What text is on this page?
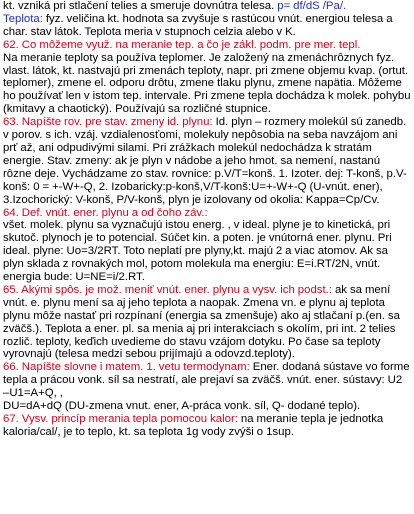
kt. vzniká pri stlačení telies a smeruje dovnútra telesa. p= df/dS /Pa/.

Teplota: fyz. veličina kt. hodnota sa zvyšuje s rastúcou vnút. energiou telesa a char. stav látok. Teplota meria v stupnoch celzia alebo v K.

62. Co môžeme využ. na meranie tep. a čo je zákl. podm. pre mer. tepl.

Na meranie teploty sa používa teplomer. Je založený na zmenáchrôznych fyz. vlast. látok, kt. nastvajú pri zmenách teploty, napr. pri zmene objemu kvap. (ortut. teplomer), zmene el. odporu drôtu, zmene tlaku plynu, zmene napätia. Môžeme ho používať len v istom tep. intervale. Pri zmene tepla dochádza k molek. pohybu (kmitavy a chaotický). Používajú sa rozličné stupnice.

63. Napíšte rov. pre stav. zmeny id. plynu: Id. plyn – rozmery molekúl sú zanedb. v porov. s ich. vzáj. vzdialenosťomi, molekuly nepôsobia na seba navzájom ani prť až, ani odpudivými silami. Pri zrážkach molekúl nedochádza k stratám energie. Stav. zmeny: ak je plyn v nádobe a jeho hmot. sa nemení, nastanú rôzne deje. Vychádzame zo stav. rovnice: p.V/T=konš. 1. Izoter. dej: T-konš, p.V-konš: 0 = +-W+-Q, 2. Izobaricky:p-konš,V/T-konš:U=+-W+-Q (U-vnút. ener), 3.Izochorický: V-konš, P/V-konš, plyn je izolovany od okolia: Kappa=Cp/Cv.

64. Def. vnút. ener. plynu a od čoho záv.:

všet. molek. plynu sa vyznačujú istou energ. , v ideal. plyne je to kinetická, pri skutoč. plynoch je to potencial. Súčet kin. a poten. je vnútorná ener. plynu. Pri ideal. plyne: Uo=3/2RT. Toto neplatí pre plyny,kt. majú 2 a viac atomov. Ak sa plyn sklada z rovnakých mol, potom molekula ma energiu: E=i.RT/2N, vnút. energia bude: U=NE=i/2.RT.

65. Akými spôs. je mož. meniť vnút. ener. plynu a vysv. ich podst.: ak sa mení vnút. e. plynu mení sa aj jeho teplota a naopak. Zmena vn. e plynu aj teplota plynu môže nastať pri rozpínaní (energia sa zmenšuje) ako aj stlačaní p.(en. sa zväčš.). Teplota a ener. pl. sa menia aj pri interakciach s okolím, pri int. 2 telies rozlič. teploty, keďich uvedieme do stavu vzájom dotyku. Po čase sa teploty vyrovnajú (telesa medzi sebou prijímajú a odovzd.teploty).

66. Napíšte slovne i matem. 1. vetu termodynam: Ener. dodaná sústave vo forme tepla a prácou vonk. síl sa nestratí, ale prejaví sa zväčš. vnút. ener. sústavy: U2 –U1=A+Q, ,

DU=dA+dQ (DU-zmena vnut. ener, A-práca vonk. síl, Q- dodané teplo).

67. Vysv. princíp merania tepla pomocou kalor: na meranie tepla je jednotka kaloria/cal/, je to teplo, kt. sa teplota 1g vody zvýši o 1sup.
